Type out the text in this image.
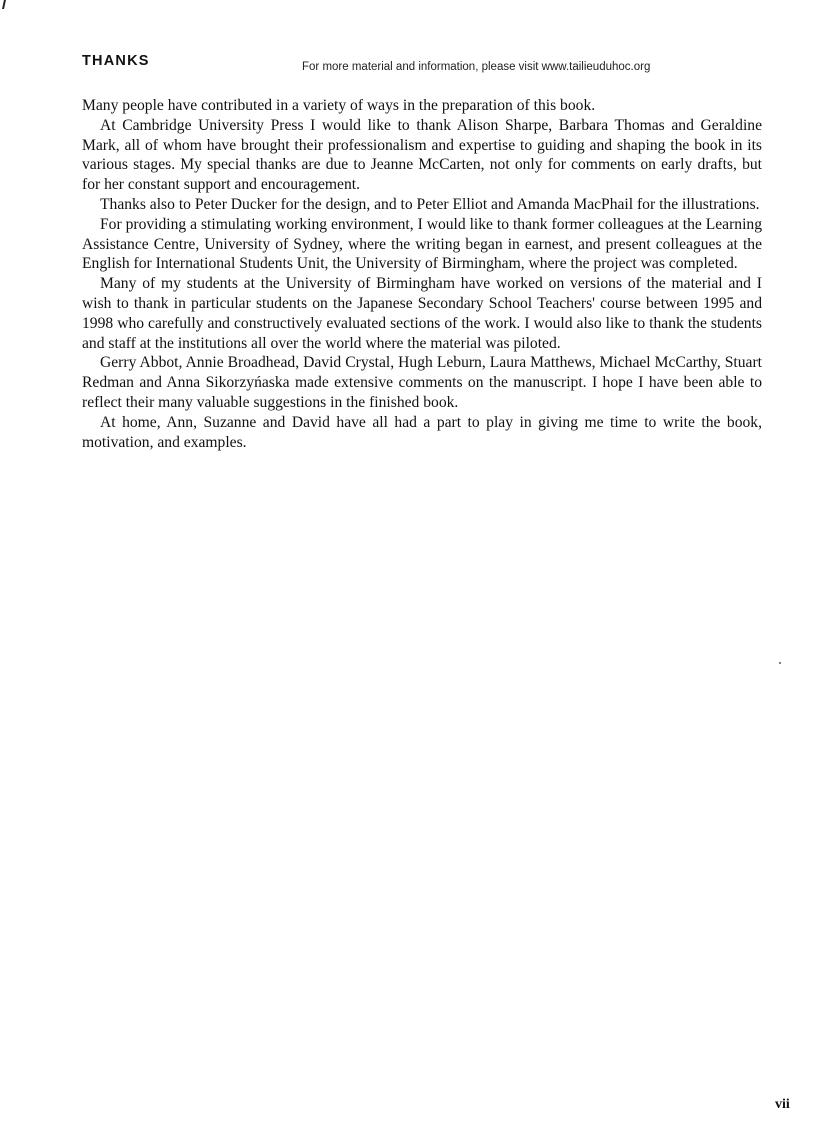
THANKS	For more material and information, please visit www.tailieuduhoc.org

Many people have contributed in a variety of ways in the preparation of this book.

At Cambridge University Press I would like to thank Alison Sharpe, Barbara Thomas and Geraldine Mark, all of whom have brought their professionalism and expertise to guiding and shaping the book in its various stages. My special thanks are due to Jeanne McCarten, not only for comments on early drafts, but for her constant support and encouragement.

Thanks also to Peter Ducker for the design, and to Peter Elliot and Amanda MacPhail for the illustrations.

For providing a stimulating working environment, I would like to thank former colleagues at the Learning Assistance Centre, University of Sydney, where the writing began in earnest, and present colleagues at the English for International Students Unit, the University of Birmingham, where the project was completed.

Many of my students at the University of Birmingham have worked on versions of the material and I wish to thank in particular students on the Japanese Secondary School Teachers' course between 1995 and 1998 who carefully and constructively evaluated sections of the work. I would also like to thank the students and staff at the institutions all over the world where the material was piloted.

Gerry Abbot, Annie Broadhead, David Crystal, Hugh Leburn, Laura Matthews, Michael McCarthy, Stuart Redman and Anna Sikorzyńaska made extensive comments on the manuscript. I hope I have been able to reflect their many valuable suggestions in the finished book.

At home, Ann, Suzanne and David have all had a part to play in giving me time to write the book, motivation, and examples.

vii
